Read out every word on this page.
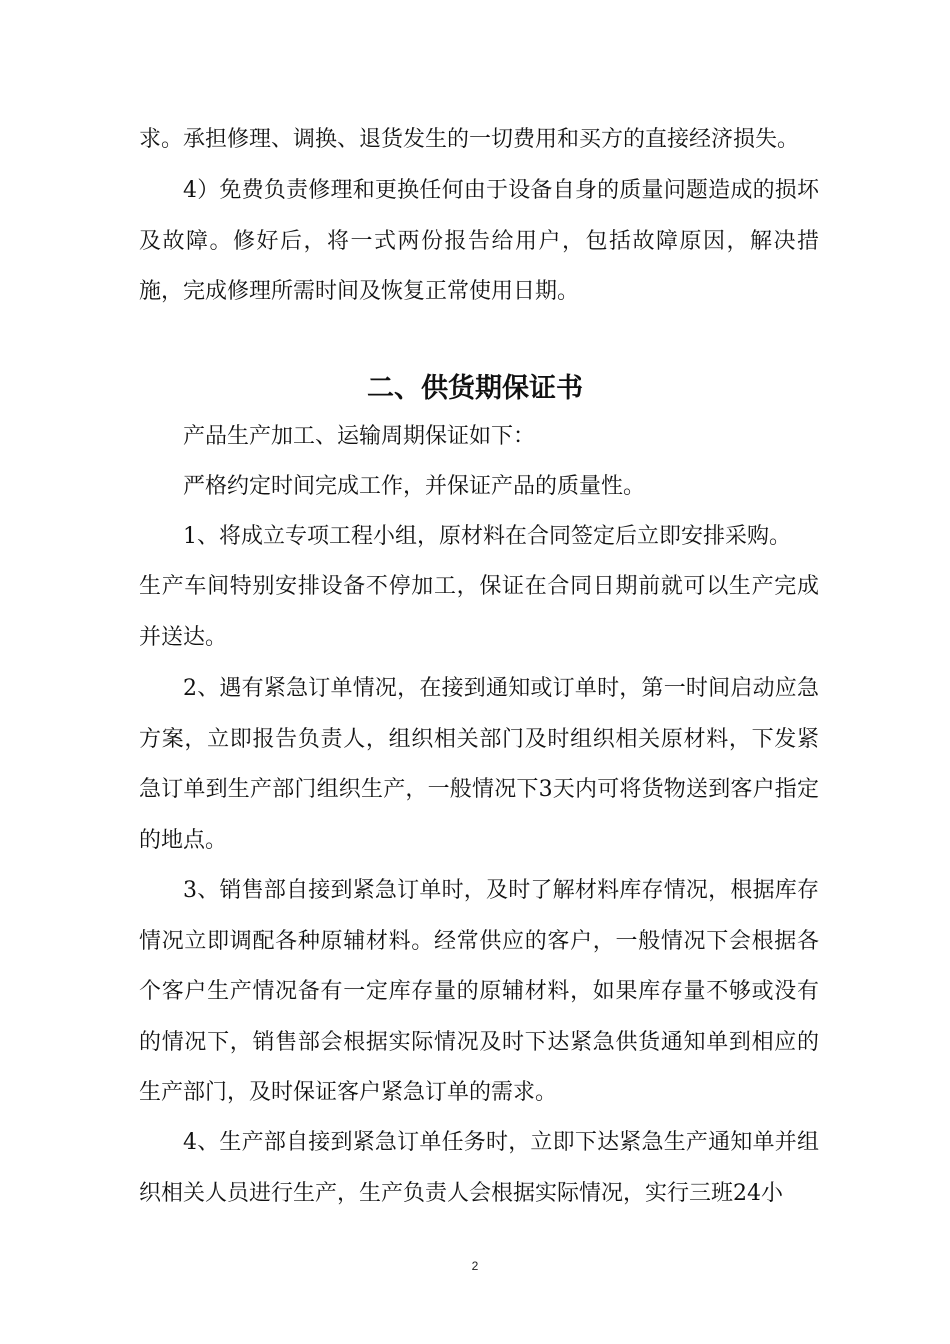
求。承担修理、调换、退货发生的一切费用和买方的直接经济损失。

4）免费负责修理和更换任何由于设备自身的质量问题造成的损坏及故障。修好后，将一式两份报告给用户，包括故障原因，解决措施，完成修理所需时间及恢复正常使用日期。

二、供货期保证书

产品生产加工、运输周期保证如下：

严格约定时间完成工作，并保证产品的质量性。

1、将成立专项工程小组，原材料在合同签定后立即安排采购。

生产车间特别安排设备不停加工，保证在合同日期前就可以生产完成并送达。

2、遇有紧急订单情况，在接到通知或订单时，第一时间启动应急方案，立即报告负责人，组织相关部门及时组织相关原材料，下发紧急订单到生产部门组织生产，一般情况下3天内可将货物送到客户指定的地点。

3、销售部自接到紧急订单时，及时了解材料库存情况，根据库存情况立即调配各种原辅材料。经常供应的客户，一般情况下会根据各个客户生产情况备有一定库存量的原辅材料，如果库存量不够或没有的情况下，销售部会根据实际情况及时下达紧急供货通知单到相应的生产部门，及时保证客户紧急订单的需求。

4、生产部自接到紧急订单任务时，立即下达紧急生产通知单并组织相关人员进行生产，生产负责人会根据实际情况，实行三班24小

2
